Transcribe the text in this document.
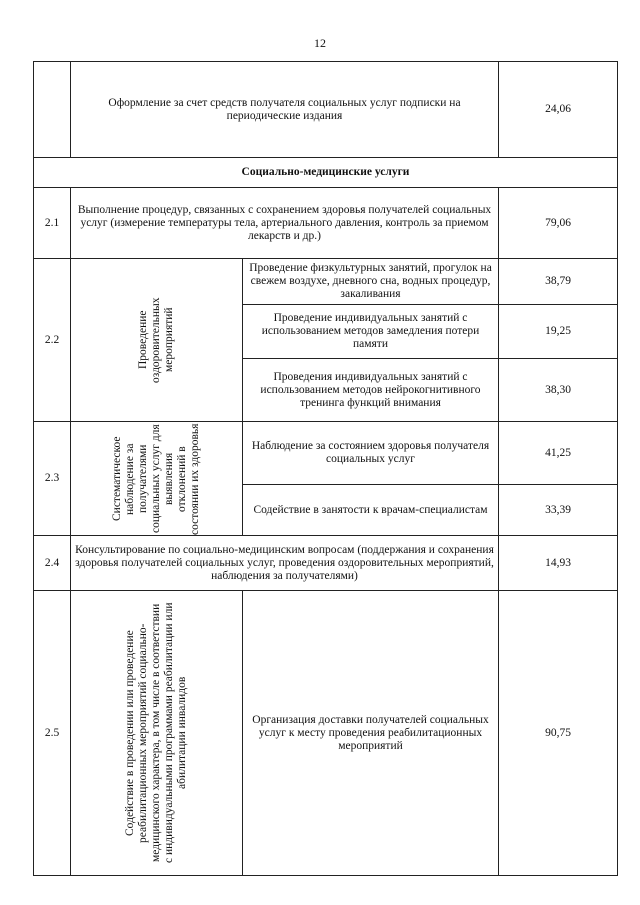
12
	Оформление за счет средств получателя социальных услуг подписки на периодические издания		24,06
Социально-медицинские услуги			
2.1	Выполнение процедур, связанных с сохранением здоровья получателей социальных услуг (измерение температуры тела, артериального давления, контроль за приемом лекарств и др.)		79,06
2.2	Проведение оздоровительных мероприятий	Проведение физкультурных занятий, прогулок на свежем воздухе, дневного сна, водных процедур, закаливания	38,79
		Проведение индивидуальных занятий с использованием методов замедления потери памяти	19,25
		Проведения индивидуальных занятий с использованием методов нейрокогнитивного тренинга функций внимания	38,30
2.3	Систематическое наблюдение за получателями социальных услуг для выявления отклонений в состоянии их здоровья	Наблюдение за состоянием здоровья получателя социальных услуг	41,25
		Содействие в занятости к врачам-специалистам	33,39
2.4	Консультирование по социально-медицинским вопросам (поддержания и сохранения здоровья получателей социальных услуг, проведения оздоровительных мероприятий, наблюдения за получателями)		14,93
2.5	Содействие в проведении или проведение реабилитационных мероприятий социально-медицинского характера, в том числе в соответствии с индивидуальными программами реабилитации или абилитации инвалидов	Организация доставки получателей социальных услуг к месту проведения реабилитационных мероприятий	90,75
